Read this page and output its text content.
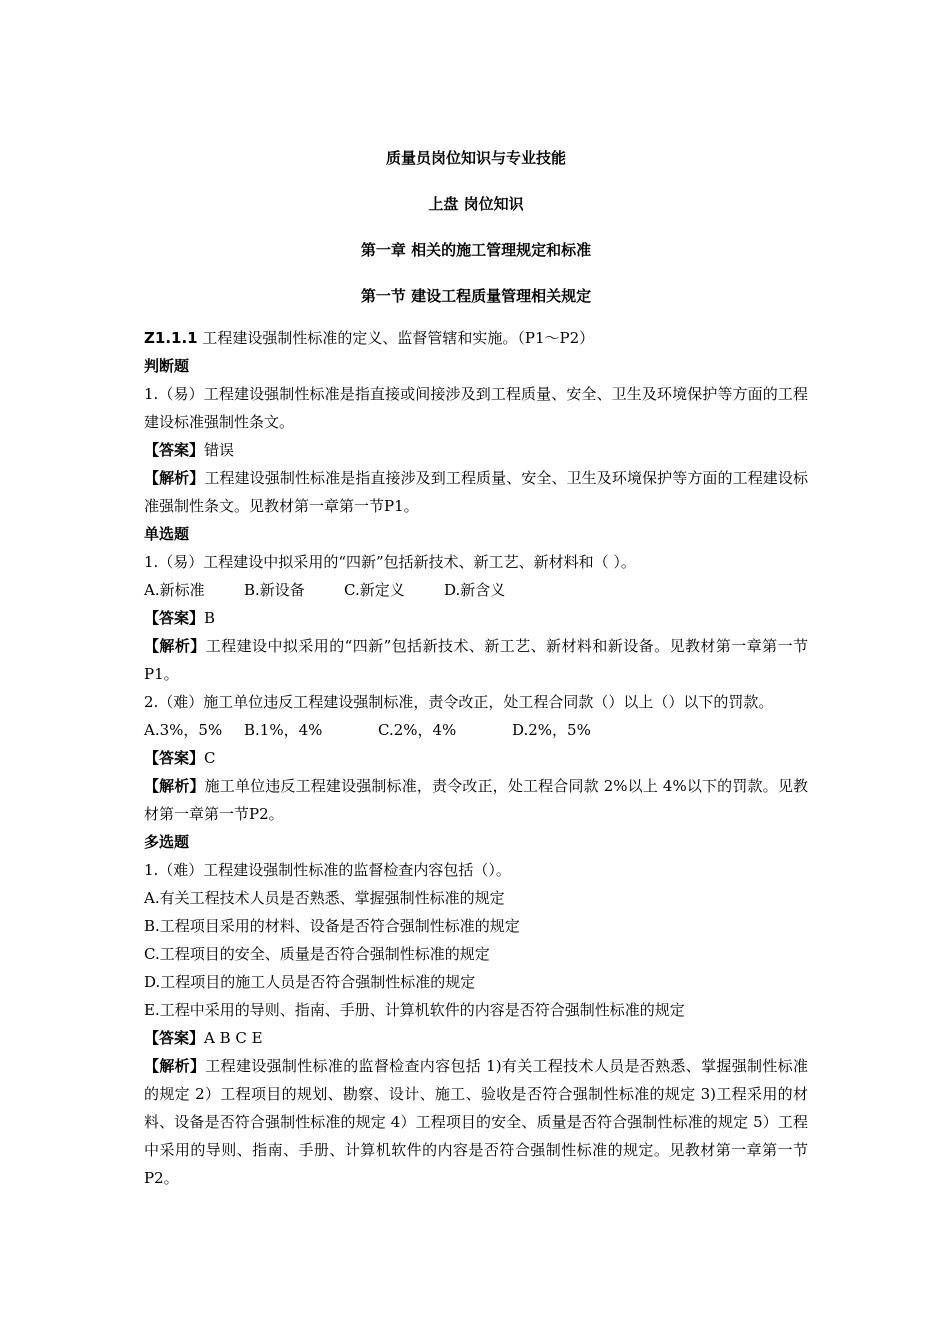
质量员岗位知识与专业技能
上盘 岗位知识
第一章 相关的施工管理规定和标准
第一节 建设工程质量管理相关规定

Z1.1.1 工程建设强制性标准的定义、监督管辖和实施。（P1～P2）

判断题

1.（易）工程建设强制性标准是指直接或间接涉及到工程质量、安全、卫生及环境保护等方面的工程建设标准强制性条文。

【答案】错误

【解析】工程建设强制性标准是指直接涉及到工程质量、安全、卫生及环境保护等方面的工程建设标准强制性条文。见教材第一章第一节P1。

单选题

1.（易）工程建设中拟采用的“四新”包括新技术、新工艺、新材料和（ ）。

A.新标准	B.新设备	C.新定义	D.新含义

【答案】B

【解析】工程建设中拟采用的“四新”包括新技术、新工艺、新材料和新设备。见教材第一章第一节P1。

2.（难）施工单位违反工程建设强制标准，责令改正，处工程合同款（）以上（）以下的罚款。

A.3%，5%	B.1%，4%	C.2%，4%	D.2%，5%

【答案】C

【解析】施工单位违反工程建设强制标准，责令改正，处工程合同款 2%以上 4%以下的罚款。见教材第一章第一节P2。

多选题

1.（难）工程建设强制性标准的监督检查内容包括（）。

A.有关工程技术人员是否熟悉、掌握强制性标准的规定

B.工程项目采用的材料、设备是否符合强制性标准的规定

C.工程项目的安全、质量是否符合强制性标准的规定

D.工程项目的施工人员是否符合强制性标准的规定

E.工程中采用的导则、指南、手册、计算机软件的内容是否符合强制性标准的规定

【答案】A B C E

【解析】工程建设强制性标准的监督检查内容包括 1)有关工程技术人员是否熟悉、掌握强制性标准的规定 2）工程项目的规划、勘察、设计、施工、验收是否符合强制性标准的规定 3)工程采用的材料、设备是否符合强制性标准的规定 4）工程项目的安全、质量是否符合强制性标准的规定 5）工程中采用的导则、指南、手册、计算机软件的内容是否符合强制性标准的规定。见教材第一章第一节P2。
